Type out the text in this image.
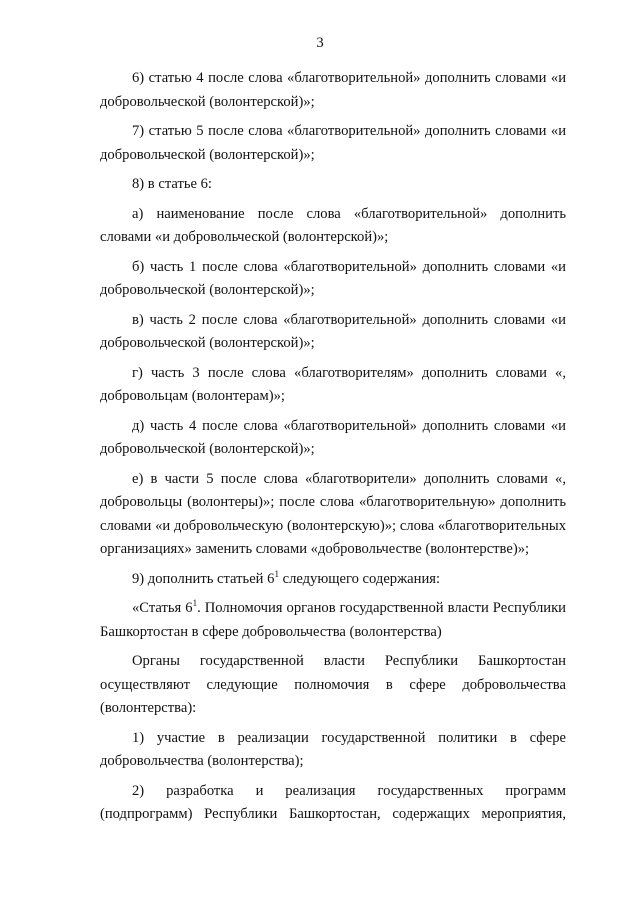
3

6) статью 4 после слова «благотворительной» дополнить словами «и добровольческой (волонтерской)»;

7) статью 5 после слова «благотворительной» дополнить словами «и добровольческой (волонтерской)»;

8) в статье 6:

а) наименование после слова «благотворительной» дополнить словами «и добровольческой (волонтерской)»;

б) часть 1 после слова «благотворительной» дополнить словами «и добровольческой (волонтерской)»;

в) часть 2 после слова «благотворительной» дополнить словами «и добровольческой (волонтерской)»;

г) часть 3 после слова «благотворителям» дополнить словами «, добровольцам (волонтерам)»;

д) часть 4 после слова «благотворительной» дополнить словами «и добровольческой (волонтерской)»;

е) в части 5 после слова «благотворители» дополнить словами «, добровольцы (волонтеры)»; после слова «благотворительную» дополнить словами «и добровольческую (волонтерскую)»; слова «благотворительных организациях» заменить словами «добровольчестве (волонтерстве)»;

9) дополнить статьей $6^1$ следующего содержания:

«Статья $6^1$. Полномочия органов государственной власти Республики Башкортостан в сфере добровольчества (волонтерства)

Органы государственной власти Республики Башкортостан осуществляют следующие полномочия в сфере добровольчества (волонтерства):

1) участие в реализации государственной политики в сфере добровольчества (волонтерства);

2) разработка и реализация государственных программ (подпрограмм) Республики Башкортостан, содержащих мероприятия,
